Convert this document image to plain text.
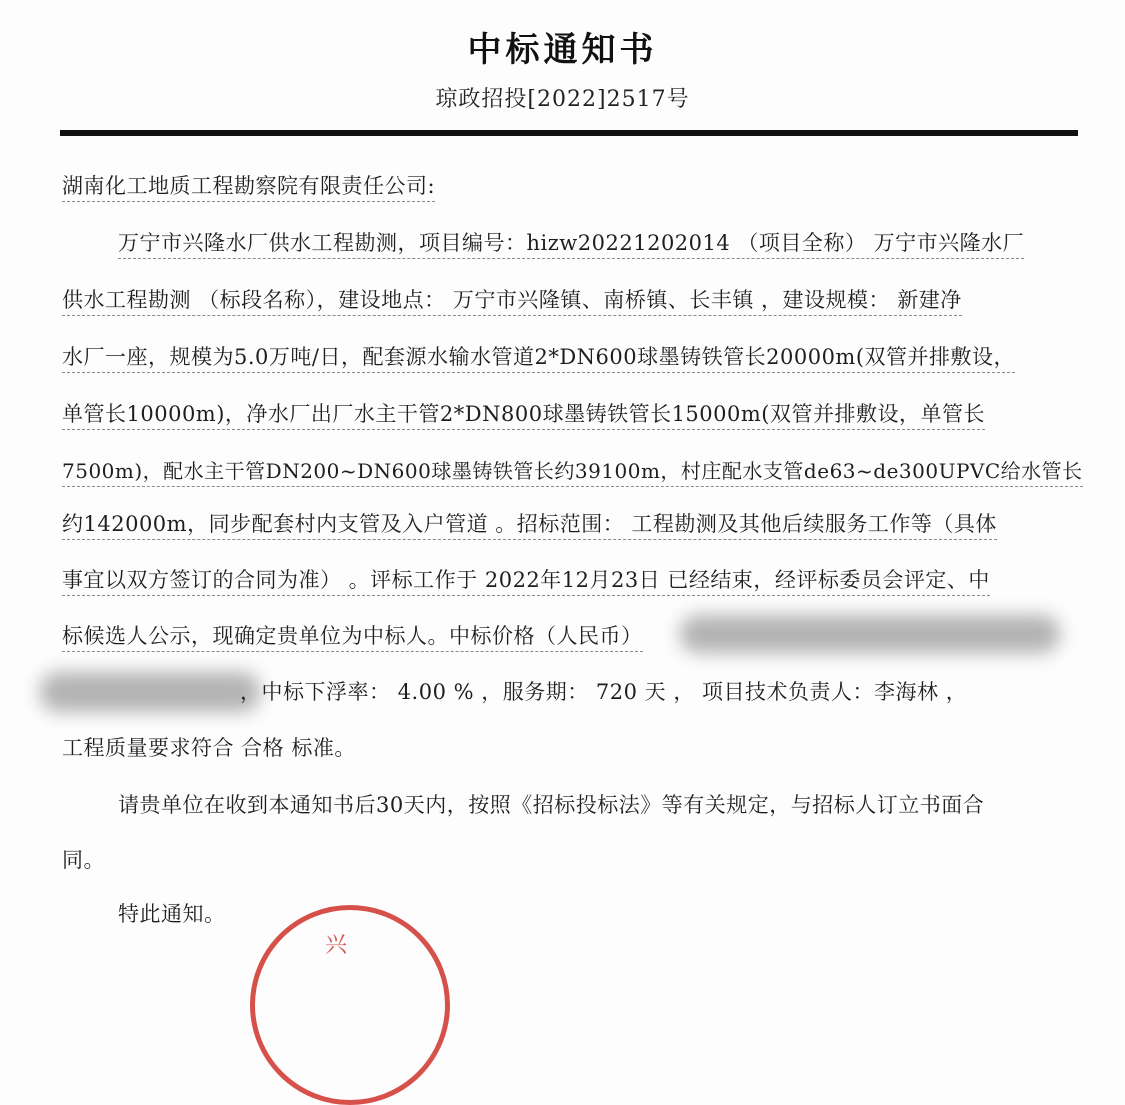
中标通知书
琼政招投[2022]2517号
湖南化工地质工程勘察院有限责任公司:
万宁市兴隆水厂供水工程勘测，项目编号：hizw20221202014 （项目全称） 万宁市兴隆水厂
供水工程勘测 （标段名称），建设地点： 万宁市兴隆镇、南桥镇、长丰镇 ，建设规模： 新建净
水厂一座，规模为5.0万吨/日，配套源水输水管道2*DN600球墨铸铁管长20000m(双管并排敷设，
单管长10000m)，净水厂出厂水主干管2*DN800球墨铸铁管长15000m(双管并排敷设，单管长
7500m)，配水主干管DN200~DN600球墨铸铁管长约39100m，村庄配水支管de63~de300UPVC给水管长
约142000m，同步配套村内支管及入户管道 。招标范围： 工程勘测及其他后续服务工作等（具体
事宜以双方签订的合同为准） 。评标工作于 2022年12月23日 已经结束，经评标委员会评定、中
标候选人公示，现确定贵单位为中标人。中标价格（人民币）
，中标下浮率： 4.00 % ，服务期： 720 天 ， 项目技术负责人：李海林 ，
工程质量要求符合 合格 标准。
请贵单位在收到本通知书后30天内，按照《招标投标法》等有关规定，与招标人订立书面合
同。
特此通知。
兴
